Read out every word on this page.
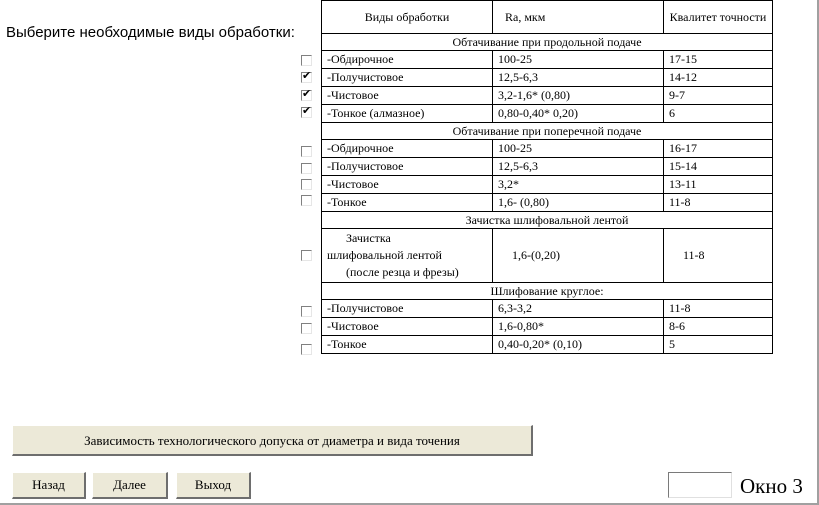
Выберите необходимые виды обработки:
✔
✔
✔
Виды обработки	Ra, мкм	Квалитет точности
Обтачивание при продольной подаче		
-Обдирочное	100-25	17-15
-Получистовое	12,5-6,3	14-12
-Чистовое	3,2-1,6* (0,80)	9-7
-Тонкое (алмазное)	0,80-0,40* 0,20)	6
Обтачивание при поперечной подаче		
-Обдирочное	100-25	16-17
-Получистовое	12,5-6,3	15-14
-Чистовое	3,2*	13-11
-Тонкое	1,6- (0,80)	11-8
Зачистка шлифовальной лентой		

Зачистка
шлифовальной лентой
(после резца и фрезы)	1,6-(0,20)	11-8
Шлифование круглое:		
-Получистовое	6,3-3,2	11-8
-Чистовое	1,6-0,80*	8-6
-Тонкое	0,40-0,20* (0,10)	5
Зависимость технологического допуска от диаметра и вида точения
Назад	Далее	Выход	Окно 3
